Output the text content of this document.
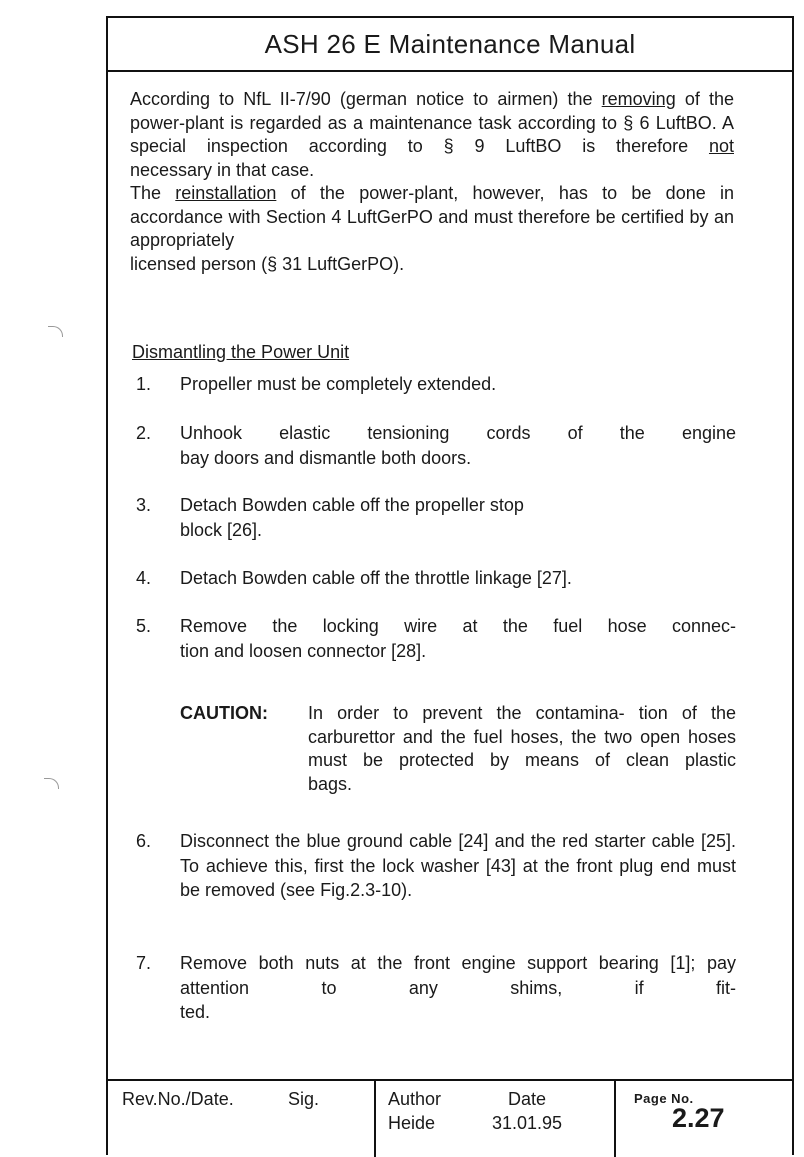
ASH 26 E Maintenance Manual
According to NfL II-7/90 (german notice to airmen) the removing of the power-plant is regarded as a maintenance task according to § 6 LuftBO. A special inspection according to § 9 LuftBO is therefore not
necessary in that case.
The reinstallation of the power-plant, however, has to be done in accordance with Section 4 LuftGerPO and must therefore be certified by an appropriately
licensed person (§ 31 LuftGerPO).
Dismantling the Power Unit
1. Propeller must be completely extended.
2. Unhook elastic tensioning cords of the engine
bay doors and dismantle both doors.
3. Detach Bowden cable off the propeller stop
block [26].
4. Detach Bowden cable off the throttle linkage [27].
5. Remove the locking wire at the fuel hose connec-
tion and loosen connector [28].
CAUTION: In order to prevent the contamina- tion of the carburettor and the fuel hoses, the two open hoses must be protected by means of clean plastic
bags.
6. Disconnect the blue ground cable [24] and the red starter cable [25]. To achieve this, first the lock washer [43] at the front plug end must
be removed (see Fig.2.3-10).
7. Remove both nuts at the front engine support bearing [1]; pay attention to any shims, if fit-
ted.
Rev.No./Date.	Sig.	Author
Heide
Date
31.01.95
Page No.
2.27
